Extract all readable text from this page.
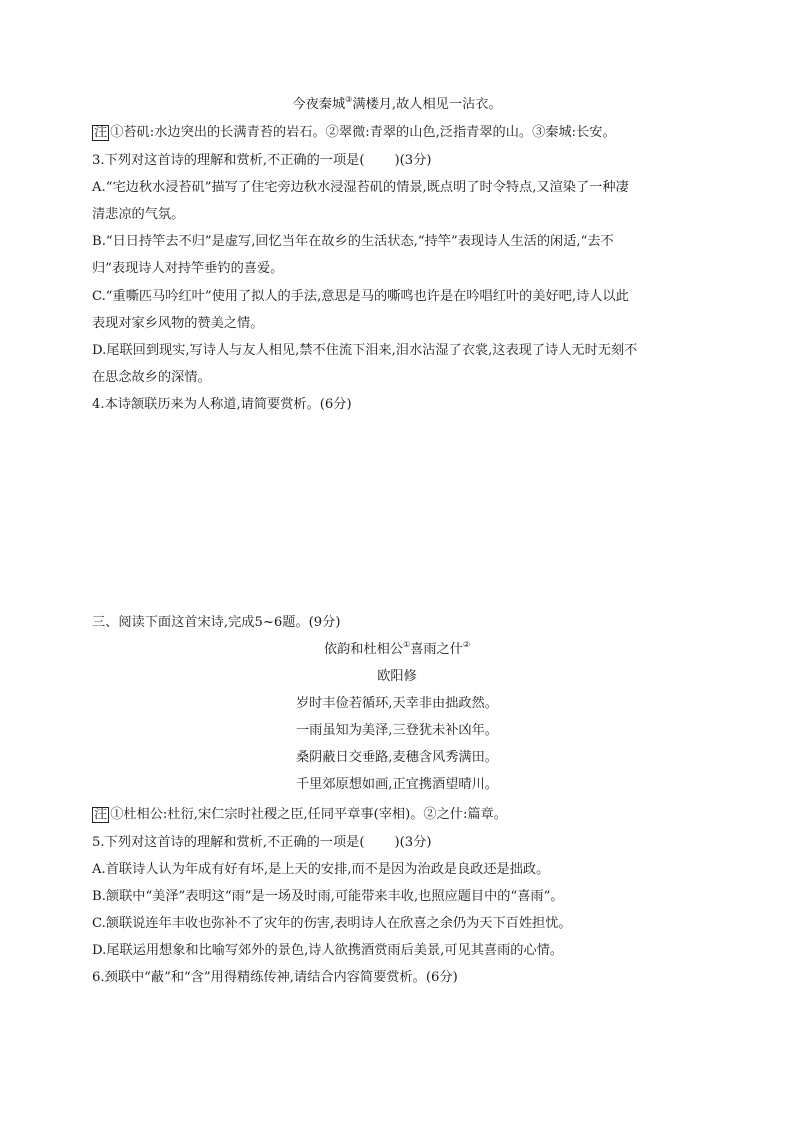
今夜秦城③满楼月,故人相见一沾衣。
注 ①苔矶:水边突出的长满青苔的岩石。②翠微:青翠的山色,泛指青翠的山。③秦城:长安。
3.下列对这首诗的理解和赏析,不正确的一项是( )(3分)
A.“宅边秋水浸苔矶”描写了住宅旁边秋水浸湿苔矶的情景,既点明了时令特点,又渲染了一种凄
清悲凉的气氛。
B.“日日持竿去不归”是虚写,回忆当年在故乡的生活状态,“持竿”表现诗人生活的闲适,“去不
归”表现诗人对持竿垂钓的喜爱。
C.“重嘶匹马吟红叶”使用了拟人的手法,意思是马的嘶鸣也许是在吟唱红叶的美好吧,诗人以此
表现对家乡风物的赞美之情。
D.尾联回到现实,写诗人与友人相见,禁不住流下泪来,泪水沾湿了衣裳,这表现了诗人无时无刻不
在思念故乡的深情。
4.本诗颔联历来为人称道,请简要赏析。(6分)
三、阅读下面这首宋诗,完成5~6题。(9分)
依韵和杜相公①喜雨之什②
欧阳修
岁时丰俭若循环,天幸非由拙政然。
一雨虽知为美泽,三登犹未补凶年。
桑阴蔽日交垂路,麦穗含风秀满田。
千里郊原想如画,正宜携酒望晴川。
注 ①杜相公:杜衍,宋仁宗时社稷之臣,任同平章事(宰相)。②之什:篇章。
5.下列对这首诗的理解和赏析,不正确的一项是( )(3分)
A.首联诗人认为年成有好有坏,是上天的安排,而不是因为治政是良政还是拙政。
B.颔联中“美泽”表明这“雨”是一场及时雨,可能带来丰收,也照应题目中的“喜雨”。
C.颔联说连年丰收也弥补不了灾年的伤害,表明诗人在欣喜之余仍为天下百姓担忧。
D.尾联运用想象和比喻写郊外的景色,诗人欲携酒赏雨后美景,可见其喜雨的心情。
6.颈联中“蔽”和“含”用得精练传神,请结合内容简要赏析。(6分)
